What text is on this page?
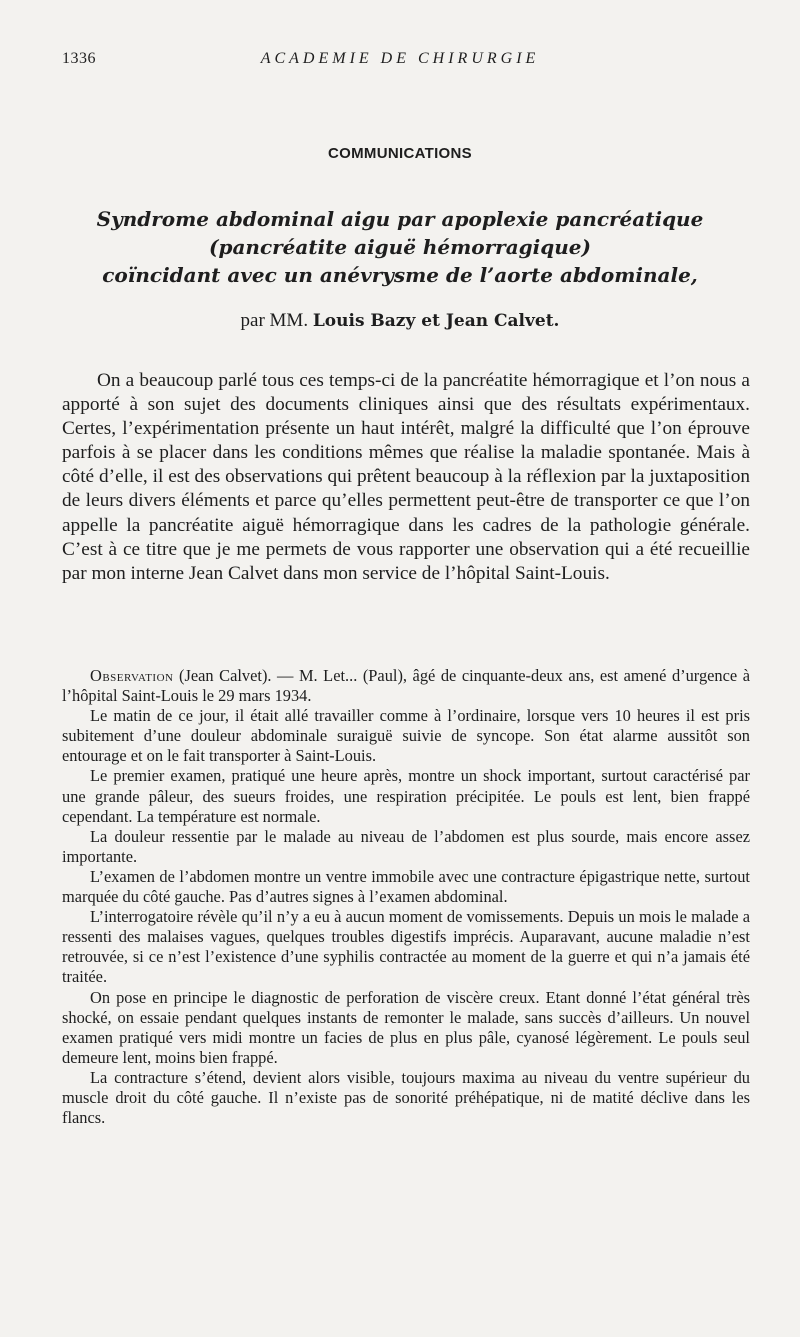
1336	ACADEMIE DE CHIRURGIE
COMMUNICATIONS
Syndrome abdominal aigu par apoplexie pancréatique
(pancréatite aiguë hémorragique)
coïncidant avec un anévrysme de l’aorte abdominale,
par MM. Louis Bazy et Jean Calvet.

On a beaucoup parlé tous ces temps-ci de la pancréatite hémorragique et l’on nous a apporté à son sujet des documents cliniques ainsi que des résultats expérimentaux. Certes, l’expérimentation présente un haut intérêt, malgré la difficulté que l’on éprouve parfois à se placer dans les conditions mêmes que réalise la maladie spontanée. Mais à côté d’elle, il est des observations qui prêtent beaucoup à la réflexion par la juxtaposition de leurs divers éléments et parce qu’elles permettent peut-être de transporter ce que l’on appelle la pancréatite aiguë hémorragique dans les cadres de la pathologie générale. C’est à ce titre que je me permets de vous rapporter une observation qui a été recueillie par mon interne Jean Calvet dans mon service de l’hôpital Saint-Louis.

Observation (Jean Calvet). — M. Let... (Paul), âgé de cinquante-deux ans, est amené d’urgence à l’hôpital Saint-Louis le 29 mars 1934.

Le matin de ce jour, il était allé travailler comme à l’ordinaire, lorsque vers 10 heures il est pris subitement d’une douleur abdominale suraiguë suivie de syncope. Son état alarme aussitôt son entourage et on le fait transporter à Saint-Louis.

Le premier examen, pratiqué une heure après, montre un shock important, surtout caractérisé par une grande pâleur, des sueurs froides, une respiration précipitée. Le pouls est lent, bien frappé cependant. La température est normale.

La douleur ressentie par le malade au niveau de l’abdomen est plus sourde, mais encore assez importante.

L’examen de l’abdomen montre un ventre immobile avec une contracture épigastrique nette, surtout marquée du côté gauche. Pas d’autres signes à l’examen abdominal.

L’interrogatoire révèle qu’il n’y a eu à aucun moment de vomissements. Depuis un mois le malade a ressenti des malaises vagues, quelques troubles digestifs imprécis. Auparavant, aucune maladie n’est retrouvée, si ce n’est l’existence d’une syphilis contractée au moment de la guerre et qui n’a jamais été traitée.

On pose en principe le diagnostic de perforation de viscère creux. Etant donné l’état général très shocké, on essaie pendant quelques instants de remonter le malade, sans succès d’ailleurs. Un nouvel examen pratiqué vers midi montre un facies de plus en plus pâle, cyanosé légèrement. Le pouls seul demeure lent, moins bien frappé.

La contracture s’étend, devient alors visible, toujours maxima au niveau du ventre supérieur du muscle droit du côté gauche. Il n’existe pas de sonorité préhépatique, ni de matité déclive dans les flancs.
